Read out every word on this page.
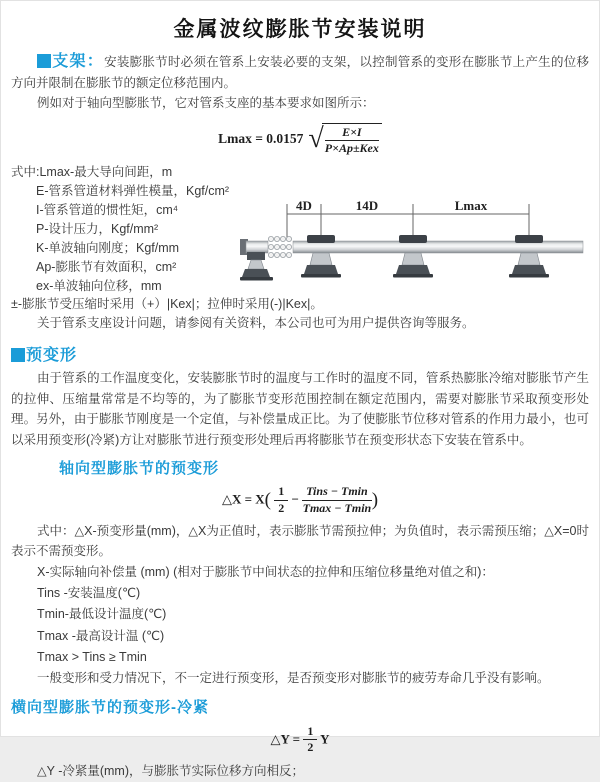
金属波纹膨胀节安装说明

支架：安装膨胀节时必须在管系上安装必要的支架，以控制管系的变形在膨胀节上产生的位移方向并限制在膨胀节的额定位移范围内。

例如对于轴向型膨胀节，它对管系支座的基本要求如图所示：

Lmax = 0.0157 √ $\frac{E\times I}{\text{P×Ap±Kex}}$
式中:Lmax-最大导向间距，m
E-管系管道材料弹性模量，Kgf/cm²
I-管系管道的惯性矩，cm⁴
P-设计压力，Kgf/mm²
K-单波轴向刚度；Kgf/mm
Ap-膨胀节有效面积，cm²
ex-单波轴向位移，mm
4D	14D	Lmax

±-膨胀节受压缩时采用（+）|Kex|；拉伸时采用(-)|Kex|。

关于管系支座设计问题，请参阅有关资料，本公司也可为用户提供咨询等服务。

预变形

由于管系的工作温度变化，安装膨胀节时的温度与工作时的温度不同，管系热膨胀冷缩对膨胀节产生的拉伸、压缩量常常是不均等的，为了膨胀节变形范围控制在额定范围内，需要对膨胀节采取预变形处理。另外，由于膨胀节刚度是一个定值，与补偿量成正比。为了使膨胀节位移对管系的作用力最小，也可以采用预变形(冷紧)方让对膨胀节进行预变形处理后再将膨胀节在预变形状态下安装在管系中。

轴向型膨胀节的预变形
△X = $X( \frac{1}{2} - \frac{\text{Tins − Tmin}}{Tmax - Tmin}$ )

式中：△X-预变形量(mm)，△X为正值时，表示膨胀节需预拉伸；为负值时，表示需预压缩；△X=0时表示不需预变形。

X-实际轴向补偿量 (mm) (相对于膨胀节中间状态的拉伸和压缩位移量绝对值之和)：

Tins -安装温度(℃)

Tmin-最低设计温度(℃)

Tmax -最高设计温 (℃)

Tmax > Tins ≥ Tmin

一般变形和受力情况下，不一定进行预变形，是否预变形对膨胀节的疲劳寿命几乎没有影响。

横向型膨胀节的预变形-冷紧
△Y = $\frac{1}{2}$ Y

△Y -冷紧量(mm)，与膨胀节实际位移方向相反；
